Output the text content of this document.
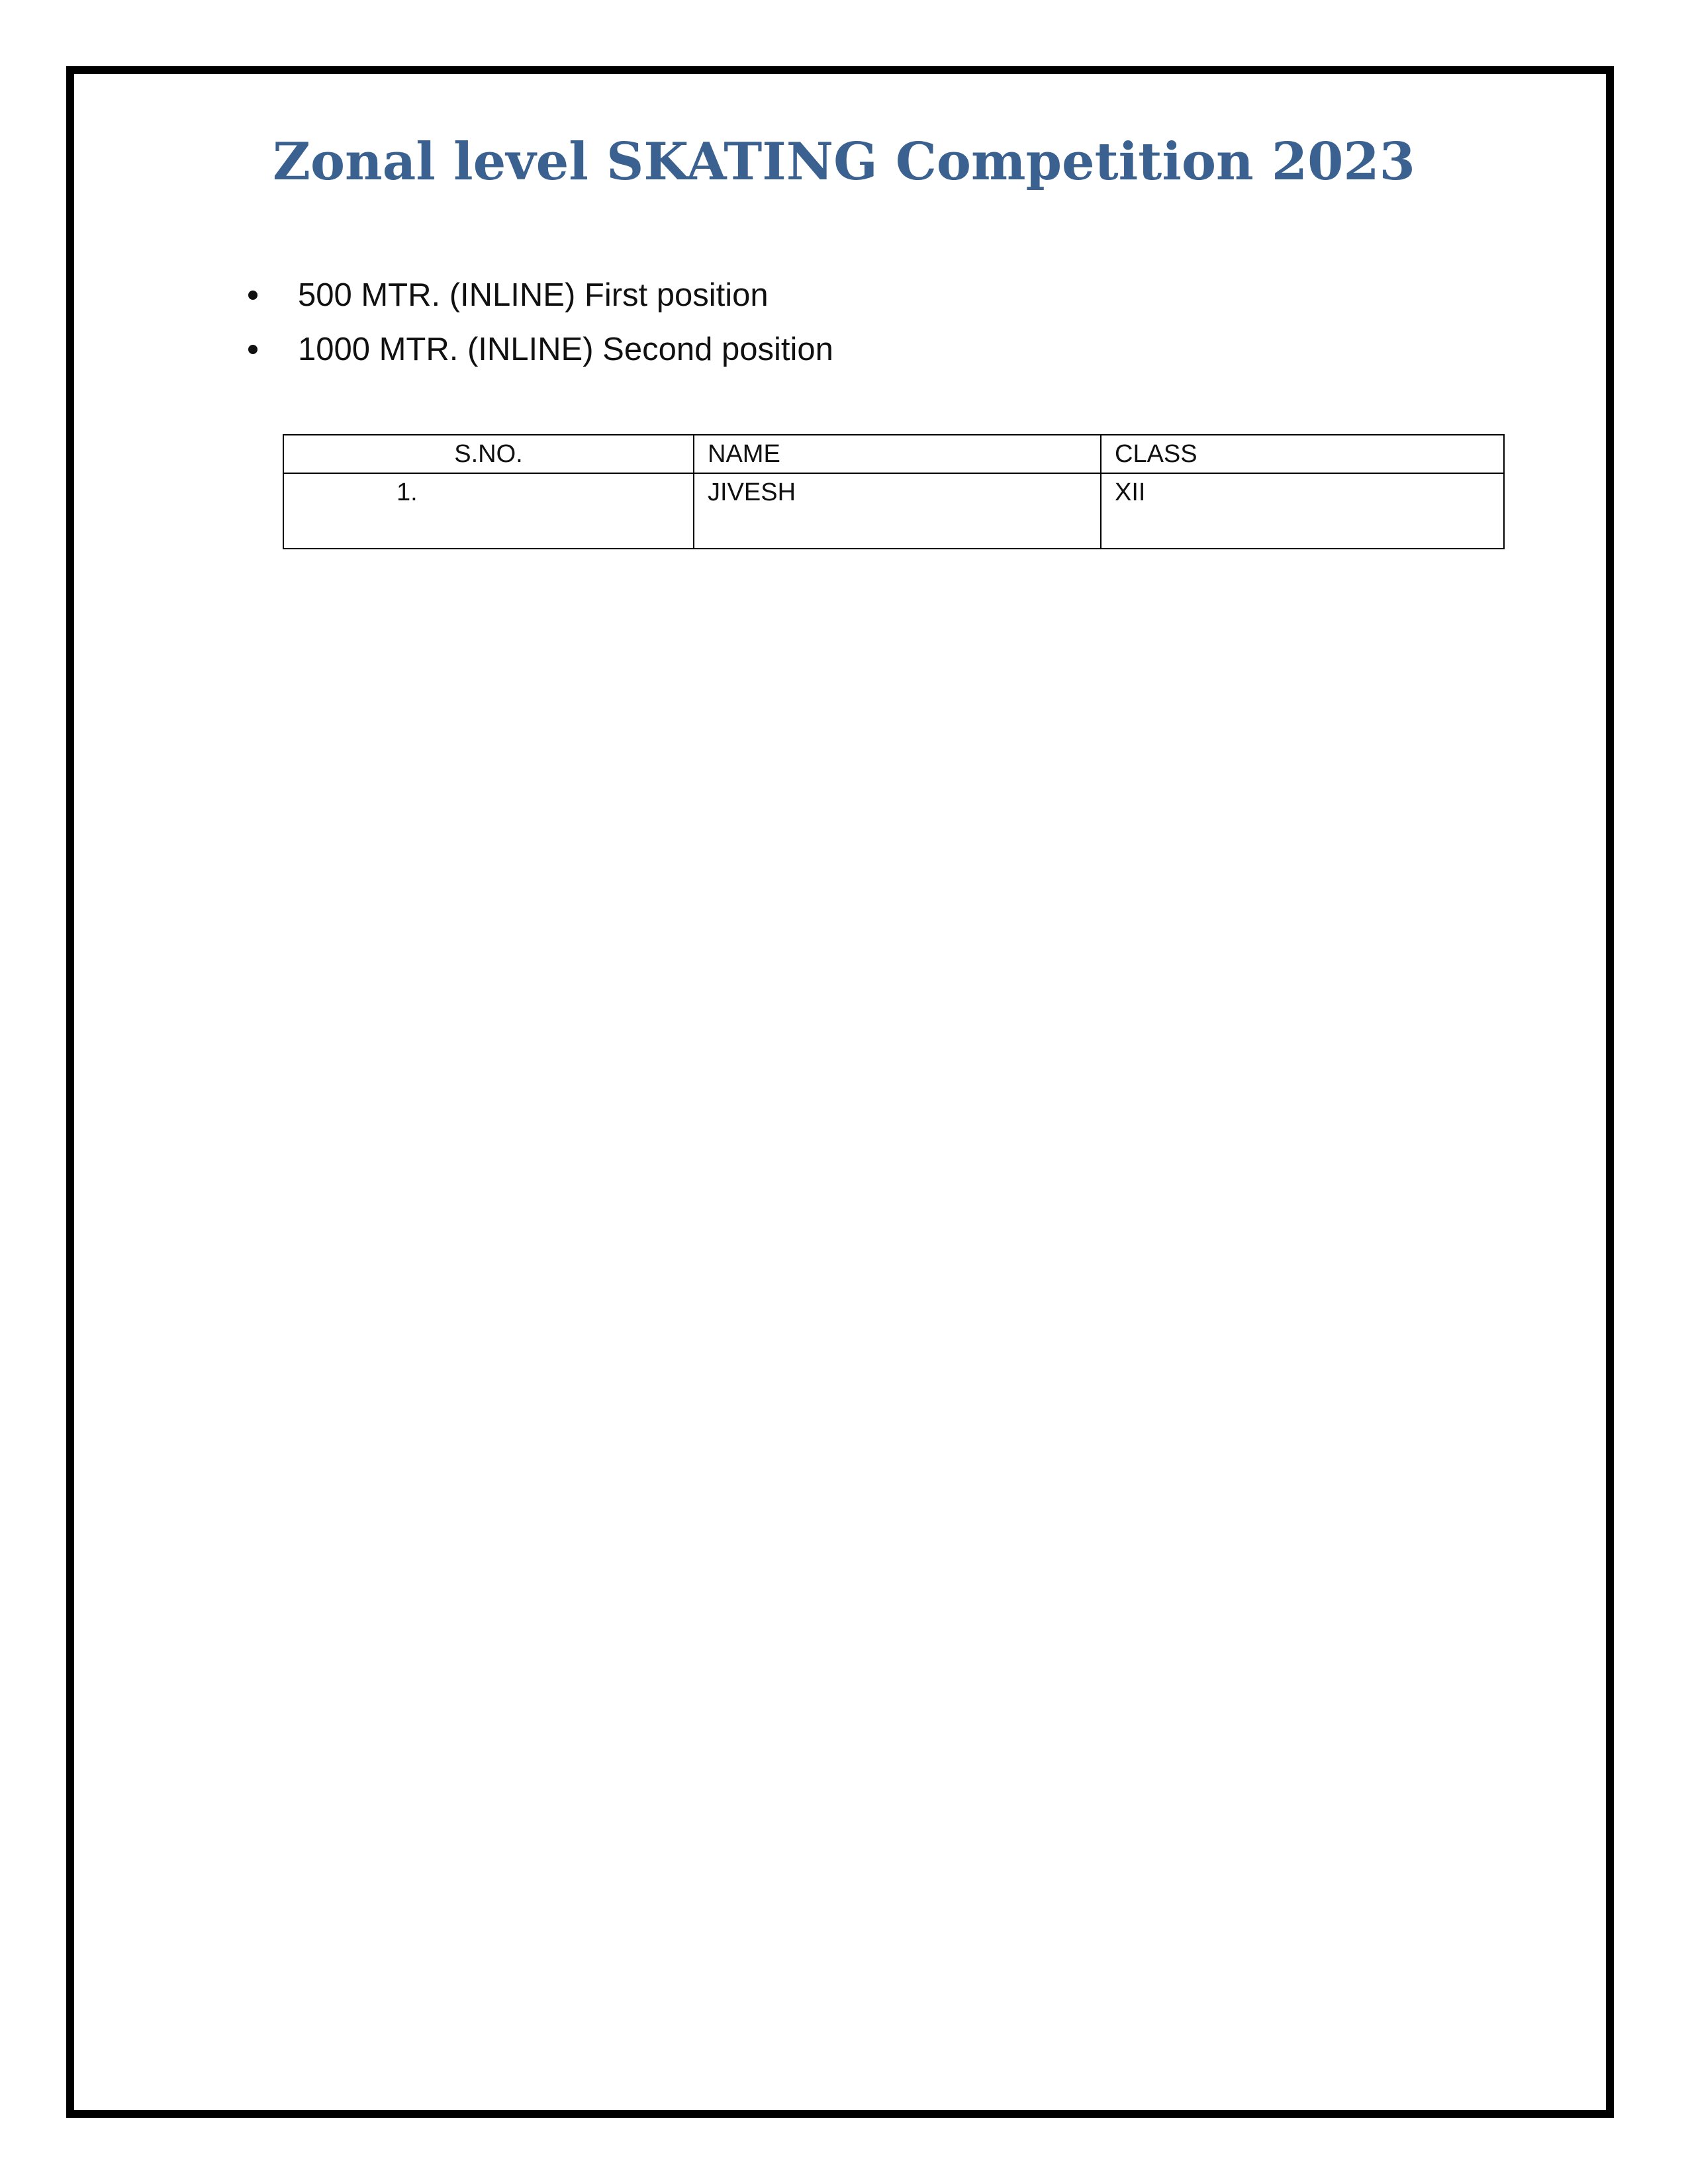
Zonal level SKATING Competition 2023
500 MTR. (INLINE) First position
1000 MTR. (INLINE) Second position
S.NO.	NAME	CLASS
1.	JIVESH	XII
